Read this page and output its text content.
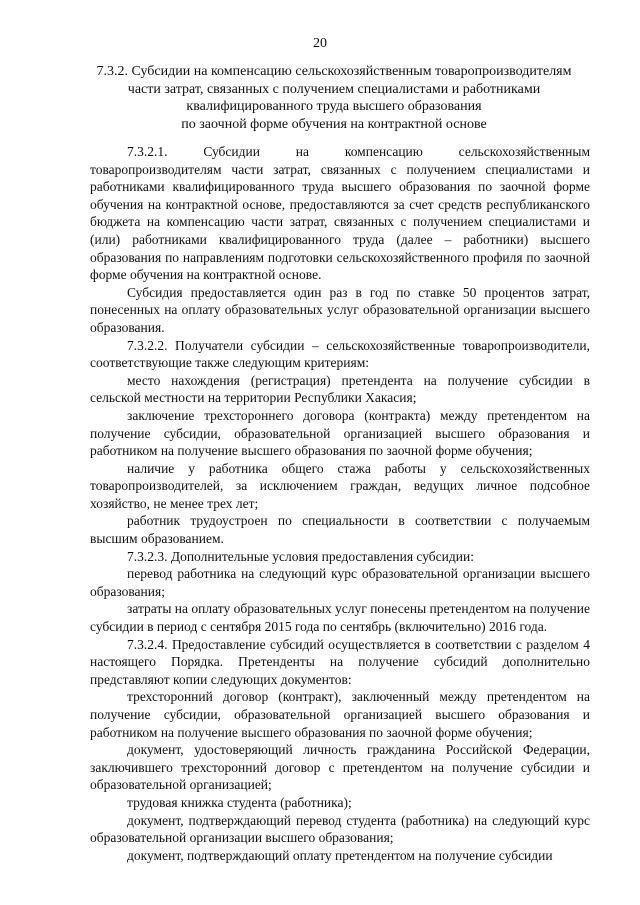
20
7.3.2. Субсидии на компенсацию сельскохозяйственным товаропроизводителям
части затрат, связанных с получением специалистами и работниками
квалифицированного труда высшего образования
по заочной форме обучения на контрактной основе

7.3.2.1. Субсидии на компенсацию сельскохозяйственным товаропроизводителям части затрат, связанных с получением специалистами и работниками квалифицированного труда высшего образования по заочной форме обучения на контрактной основе, предоставляются за счет средств республиканского бюджета на компенсацию части затрат, связанных с получением специалистами и (или) работниками квалифицированного труда (далее – работники) высшего образования по направлениям подготовки сельскохозяйственного профиля по заочной форме обучения на контрактной основе.

Субсидия предоставляется один раз в год по ставке 50 процентов затрат, понесенных на оплату образовательных услуг образовательной организации высшего образования.

7.3.2.2. Получатели субсидии – сельскохозяйственные товаропроизводители, соответствующие также следующим критериям:

место нахождения (регистрация) претендента на получение субсидии в сельской местности на территории Республики Хакасия;

заключение трехстороннего договора (контракта) между претендентом на получение субсидии, образовательной организацией высшего образования и работником на получение высшего образования по заочной форме обучения;

наличие у работника общего стажа работы у сельскохозяйственных товаропроизводителей, за исключением граждан, ведущих личное подсобное хозяйство, не менее трех лет;

работник трудоустроен по специальности в соответствии с получаемым высшим образованием.

7.3.2.3. Дополнительные условия предоставления субсидии:

перевод работника на следующий курс образовательной организации высшего образования;

затраты на оплату образовательных услуг понесены претендентом на получение субсидии в период с сентября 2015 года по сентябрь (включительно) 2016 года.

7.3.2.4. Предоставление субсидий осуществляется в соответствии с разделом 4 настоящего Порядка. Претенденты на получение субсидий дополнительно представляют копии следующих документов:

трехсторонний договор (контракт), заключенный между претендентом на получение субсидии, образовательной организацией высшего образования и работником на получение высшего образования по заочной форме обучения;

документ, удостоверяющий личность гражданина Российской Федерации, заключившего трехсторонний договор с претендентом на получение субсидии и образовательной организацией;

трудовая книжка студента (работника);

документ, подтверждающий перевод студента (работника) на следующий курс образовательной организации высшего образования;

документ, подтверждающий оплату претендентом на получение субсидии
